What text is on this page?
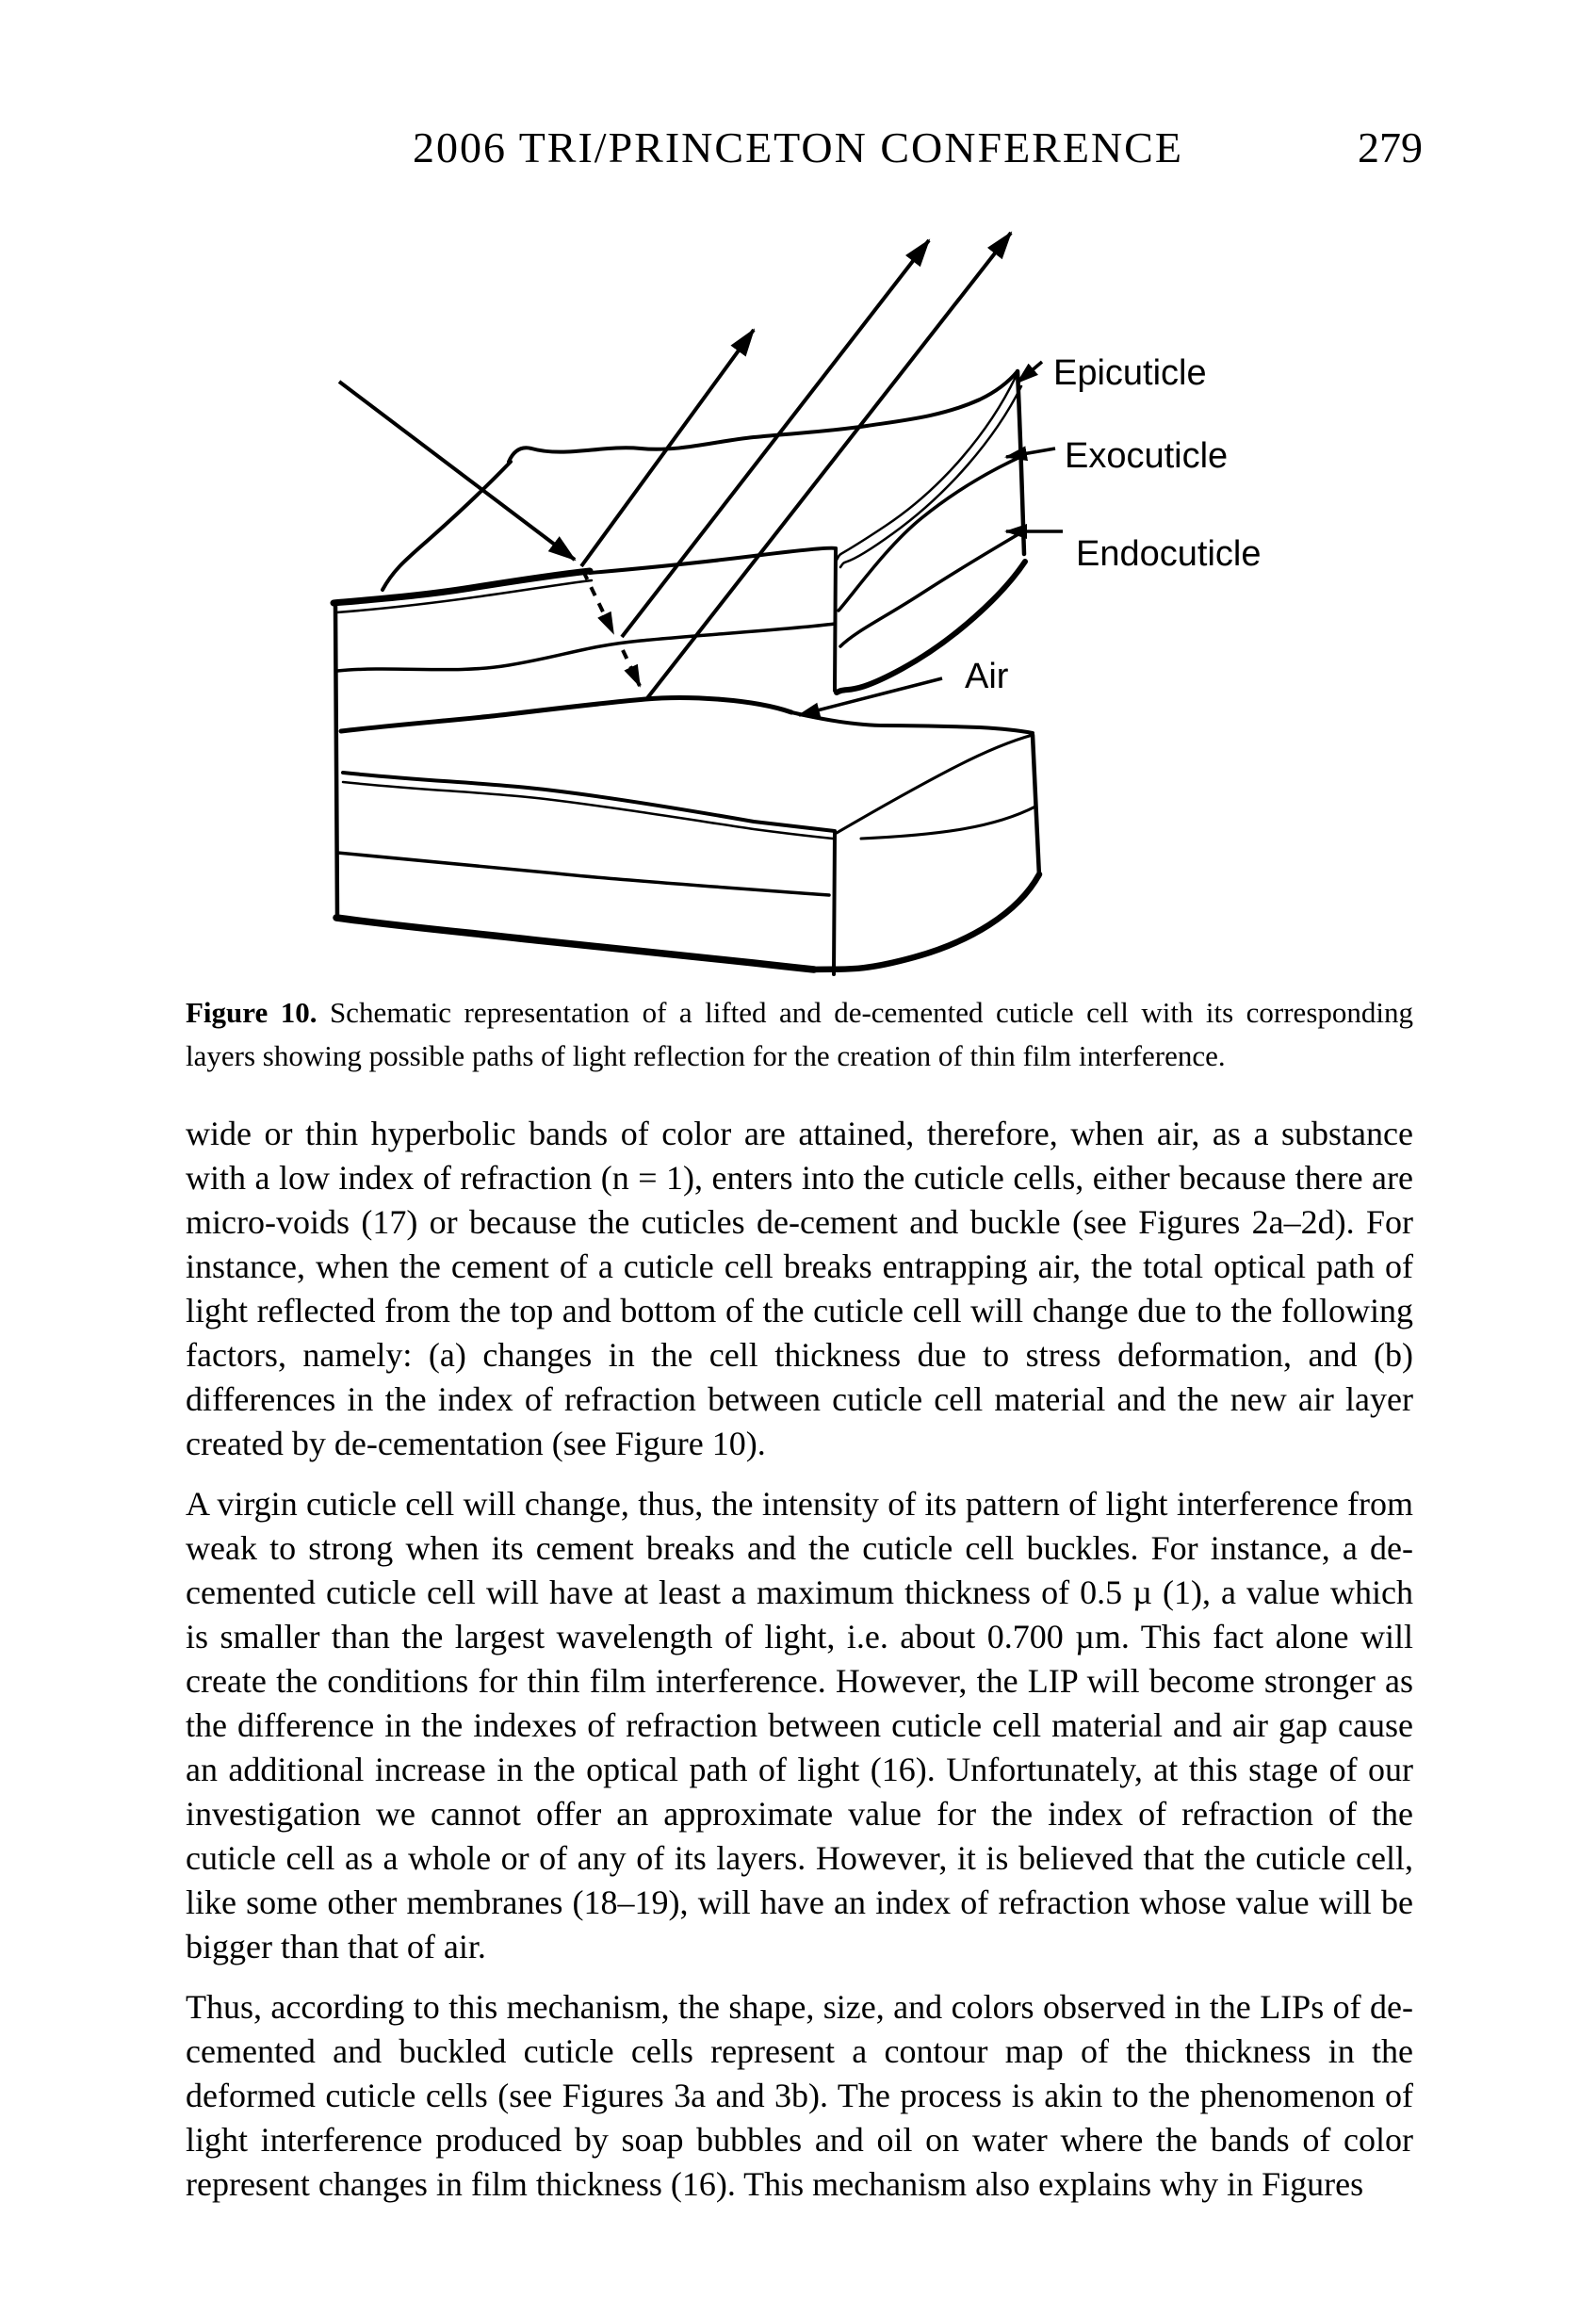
2006 TRI/PRINCETON CONFERENCE	279
Epicuticle
Exocuticle
Endocuticle
Air
Figure 10. Schematic representation of a lifted and de-cemented cuticle cell with its corresponding layers showing possible paths of light reflection for the creation of thin film interference.

wide or thin hyperbolic bands of color are attained, therefore, when air, as a substance with a low index of refraction (n = 1), enters into the cuticle cells, either because there are micro-voids (17) or because the cuticles de-cement and buckle (see Figures 2a–2d). For instance, when the cement of a cuticle cell breaks entrapping air, the total optical path of light reflected from the top and bottom of the cuticle cell will change due to the following factors, namely: (a) changes in the cell thickness due to stress deformation, and (b) differences in the index of refraction between cuticle cell material and the new air layer created by de-cementation (see Figure 10).

A virgin cuticle cell will change, thus, the intensity of its pattern of light interference from weak to strong when its cement breaks and the cuticle cell buckles. For instance, a de-cemented cuticle cell will have at least a maximum thickness of 0.5 µ (1), a value which is smaller than the largest wavelength of light, i.e. about 0.700 µm. This fact alone will create the conditions for thin film interference. However, the LIP will become stronger as the difference in the indexes of refraction between cuticle cell material and air gap cause an additional increase in the optical path of light (16). Unfortunately, at this stage of our investigation we cannot offer an approximate value for the index of refraction of the cuticle cell as a whole or of any of its layers. However, it is believed that the cuticle cell, like some other membranes (18–19), will have an index of refraction whose value will be bigger than that of air.

Thus, according to this mechanism, the shape, size, and colors observed in the LIPs of de-cemented and buckled cuticle cells represent a contour map of the thickness in the deformed cuticle cells (see Figures 3a and 3b). The process is akin to the phenomenon of light interference produced by soap bubbles and oil on water where the bands of color represent changes in film thickness (16). This mechanism also explains why in Figures
